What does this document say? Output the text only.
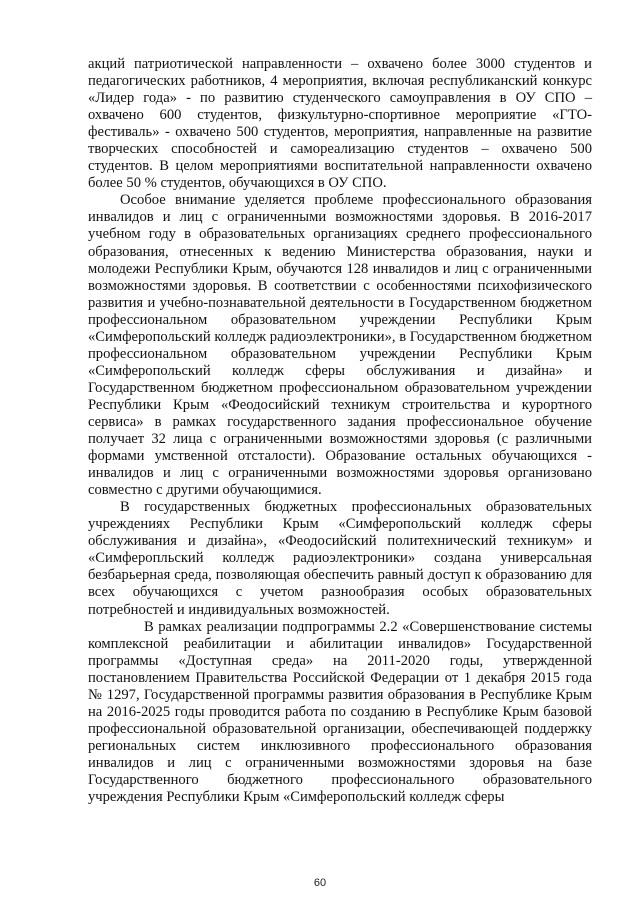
акций патриотической направленности – охвачено более 3000 студентов и педагогических работников, 4 мероприятия, включая республиканский конкурс «Лидер года» - по развитию студенческого самоуправления в ОУ СПО – охвачено 600 студентов, физкультурно-спортивное мероприятие «ГТО-фестиваль» - охвачено 500 студентов, мероприятия, направленные на развитие творческих способностей и самореализацию студентов – охвачено 500 студентов. В целом мероприятиями воспитательной направленности охвачено более 50 % студентов, обучающихся в ОУ СПО.

Особое внимание уделяется проблеме профессионального образования инвалидов и лиц с ограниченными возможностями здоровья. В 2016-2017 учебном году в образовательных организациях среднего профессионального образования, отнесенных к ведению Министерства образования, науки и молодежи Республики Крым, обучаются 128 инвалидов и лиц с ограниченными возможностями здоровья. В соответствии с особенностями психофизического развития и учебно-познавательной деятельности в Государственном бюджетном профессиональном образовательном учреждении Республики Крым «Симферопольский колледж радиоэлектроники», в Государственном бюджетном профессиональном образовательном учреждении Республики Крым «Симферопольский колледж сферы обслуживания и дизайна» и Государственном бюджетном профессиональном образовательном учреждении Республики Крым «Феодосийский техникум строительства и курортного сервиса» в рамках государственного задания профессиональное обучение получает 32 лица с ограниченными возможностями здоровья (с различными формами умственной отсталости). Образование остальных обучающихся - инвалидов и лиц с ограниченными возможностями здоровья организовано совместно с другими обучающимися.

В государственных бюджетных профессиональных образовательных учреждениях Республики Крым «Симферопольский колледж сферы обслуживания и дизайна», «Феодосийский политехнический техникум» и «Симферопльский колледж радиоэлектроники» создана универсальная безбарьерная среда, позволяющая обеспечить равный доступ к образованию для всех обучающихся с учетом разнообразия особых образовательных потребностей и индивидуальных возможностей.

В рамках реализации подпрограммы 2.2 «Совершенствование системы комплексной реабилитации и абилитации инвалидов» Государственной программы «Доступная среда» на 2011-2020 годы, утвержденной постановлением Правительства Российской Федерации от 1 декабря 2015 года № 1297, Государственной программы развития образования в Республике Крым на 2016-2025 годы проводится работа по созданию в Республике Крым базовой профессиональной образовательной организации, обеспечивающей поддержку региональных систем инклюзивного профессионального образования инвалидов и лиц с ограниченными возможностями здоровья на базе Государственного бюджетного профессионального образовательного учреждения Республики Крым «Симферопольский колледж сферы

60
